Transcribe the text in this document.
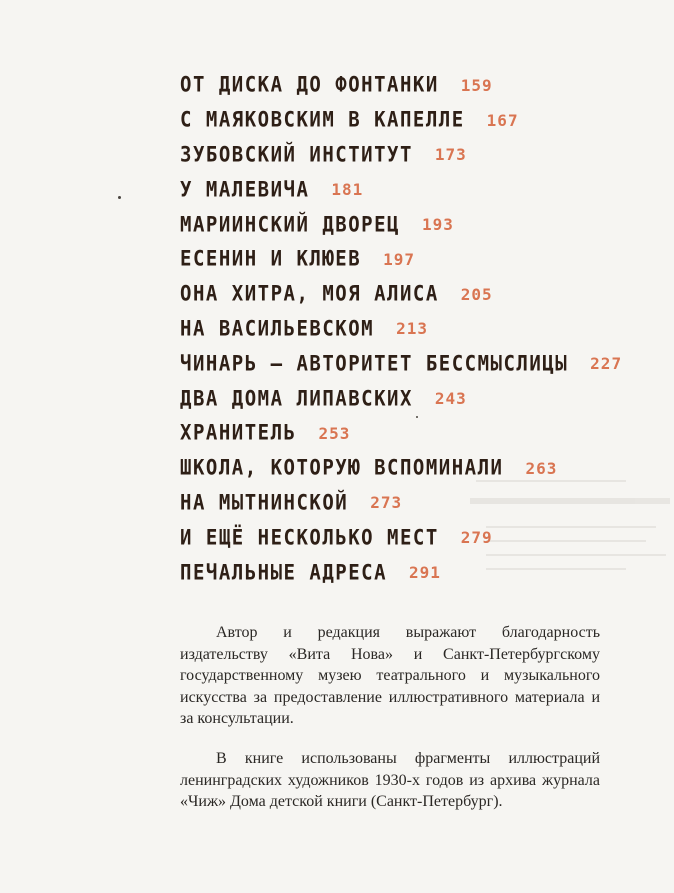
ОТ ДИСКА ДО ФОНТАНКИ 159
С МАЯКОВСКИМ В КАПЕЛЛЕ 167
ЗУБОВСКИЙ ИНСТИТУТ 173
У МАЛЕВИЧА 181
МАРИИНСКИЙ ДВОРЕЦ 193
ЕСЕНИН И КЛЮЕВ 197
ОНА ХИТРА, МОЯ АЛИСА 205
НА ВАСИЛЬЕВСКОМ 213
ЧИНАРЬ – АВТОРИТЕТ БЕССМЫСЛИЦЫ 227
ДВА ДОМА ЛИПАВСКИХ 243
ХРАНИТЕЛЬ 253
ШКОЛА, КОТОРУЮ ВСПОМИНАЛИ 263
НА МЫТНИНСКОЙ 273
И ЕЩЁ НЕСКОЛЬКО МЕСТ 279
ПЕЧАЛЬНЫЕ АДРЕСА 291

Автор и редакция выражают благодарность издательству «Вита Нова» и Санкт-Петербургскому государственному музею театрального и музыкального искусства за предоставление иллюстративного материала и за консультации.

В книге использованы фрагменты иллюстраций ленинградских художников 1930-х годов из архива журнала «Чиж» Дома детской книги (Санкт-Петербург).
